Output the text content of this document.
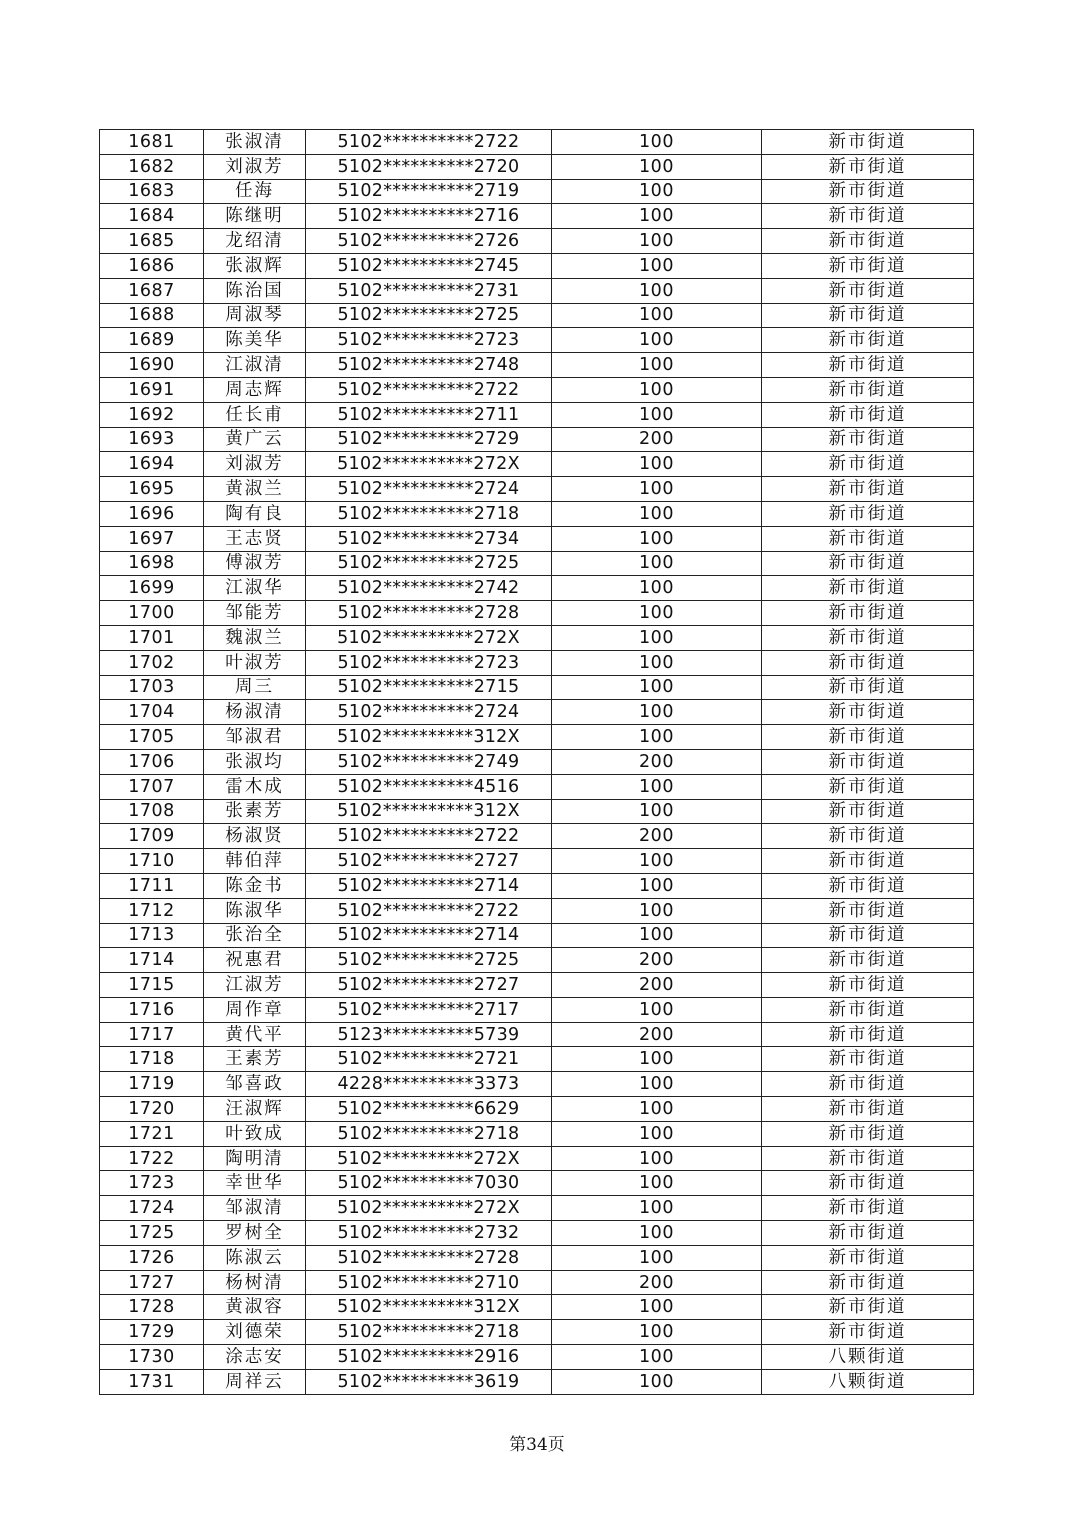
1681	张淑清	5102**********2722	100	新市街道
1682	刘淑芳	5102**********2720	100	新市街道
1683	任海	5102**********2719	100	新市街道
1684	陈继明	5102**********2716	100	新市街道
1685	龙绍清	5102**********2726	100	新市街道
1686	张淑辉	5102**********2745	100	新市街道
1687	陈治国	5102**********2731	100	新市街道
1688	周淑琴	5102**********2725	100	新市街道
1689	陈美华	5102**********2723	100	新市街道
1690	江淑清	5102**********2748	100	新市街道
1691	周志辉	5102**********2722	100	新市街道
1692	任长甫	5102**********2711	100	新市街道
1693	黄广云	5102**********2729	200	新市街道
1694	刘淑芳	5102**********272X	100	新市街道
1695	黄淑兰	5102**********2724	100	新市街道
1696	陶有良	5102**********2718	100	新市街道
1697	王志贤	5102**********2734	100	新市街道
1698	傅淑芳	5102**********2725	100	新市街道
1699	江淑华	5102**********2742	100	新市街道
1700	邹能芳	5102**********2728	100	新市街道
1701	魏淑兰	5102**********272X	100	新市街道
1702	叶淑芳	5102**********2723	100	新市街道
1703	周三	5102**********2715	100	新市街道
1704	杨淑清	5102**********2724	100	新市街道
1705	邹淑君	5102**********312X	100	新市街道
1706	张淑均	5102**********2749	200	新市街道
1707	雷木成	5102**********4516	100	新市街道
1708	张素芳	5102**********312X	100	新市街道
1709	杨淑贤	5102**********2722	200	新市街道
1710	韩伯萍	5102**********2727	100	新市街道
1711	陈金书	5102**********2714	100	新市街道
1712	陈淑华	5102**********2722	100	新市街道
1713	张治全	5102**********2714	100	新市街道
1714	祝惠君	5102**********2725	200	新市街道
1715	江淑芳	5102**********2727	200	新市街道
1716	周作章	5102**********2717	100	新市街道
1717	黄代平	5123**********5739	200	新市街道
1718	王素芳	5102**********2721	100	新市街道
1719	邹喜政	4228**********3373	100	新市街道
1720	汪淑辉	5102**********6629	100	新市街道
1721	叶致成	5102**********2718	100	新市街道
1722	陶明清	5102**********272X	100	新市街道
1723	幸世华	5102**********7030	100	新市街道
1724	邹淑清	5102**********272X	100	新市街道
1725	罗树全	5102**********2732	100	新市街道
1726	陈淑云	5102**********2728	100	新市街道
1727	杨树清	5102**********2710	200	新市街道
1728	黄淑容	5102**********312X	100	新市街道
1729	刘德荣	5102**********2718	100	新市街道
1730	涂志安	5102**********2916	100	八颗街道
1731	周祥云	5102**********3619	100	八颗街道
第34页
